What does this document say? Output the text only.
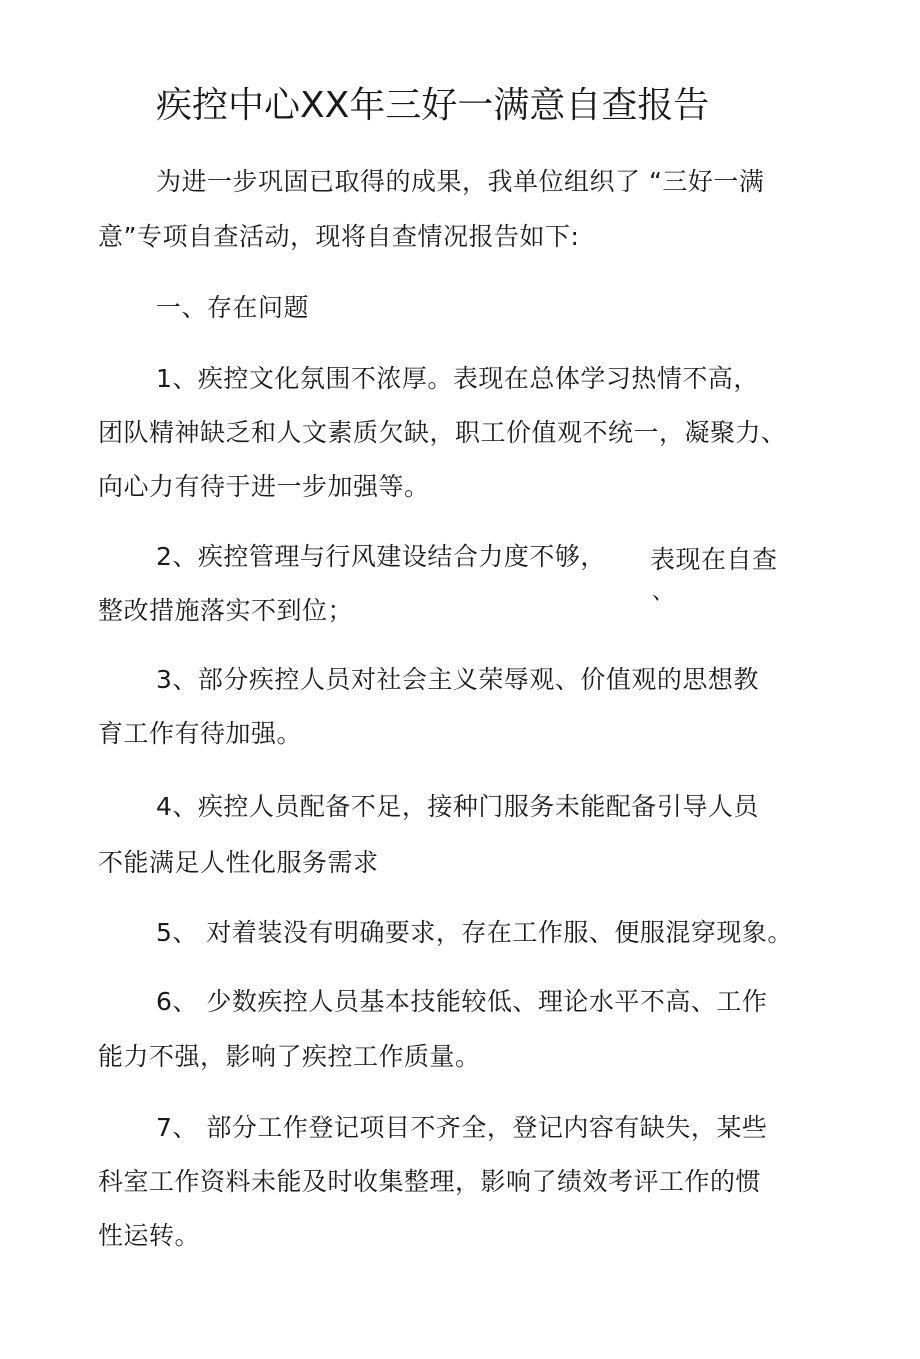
疾控中心XX年三好一满意自查报告
为进一步巩固已取得的成果，我单位组织了 “三好一满
意”专项自查活动，现将自查情况报告如下:
一、存在问题
1、疾控文化氛围不浓厚。表现在总体学习热情不高，
团队精神缺乏和人文素质欠缺，职工价值观不统一，凝聚力、
向心力有待于进一步加强等。
2、疾控管理与行风建设结合力度不够， 表现在自查
、
整改措施落实不到位；
3、部分疾控人员对社会主义荣辱观、价值观的思想教
育工作有待加强。
4、疾控人员配备不足，接种门服务未能配备引导人员
不能满足人性化服务需求
5、 对着装没有明确要求，存在工作服、便服混穿现象。
6、 少数疾控人员基本技能较低、理论水平不高、工作
能力不强，影响了疾控工作质量。
7、 部分工作登记项目不齐全，登记内容有缺失，某些
科室工作资料未能及时收集整理，影响了绩效考评工作的惯
性运转。
